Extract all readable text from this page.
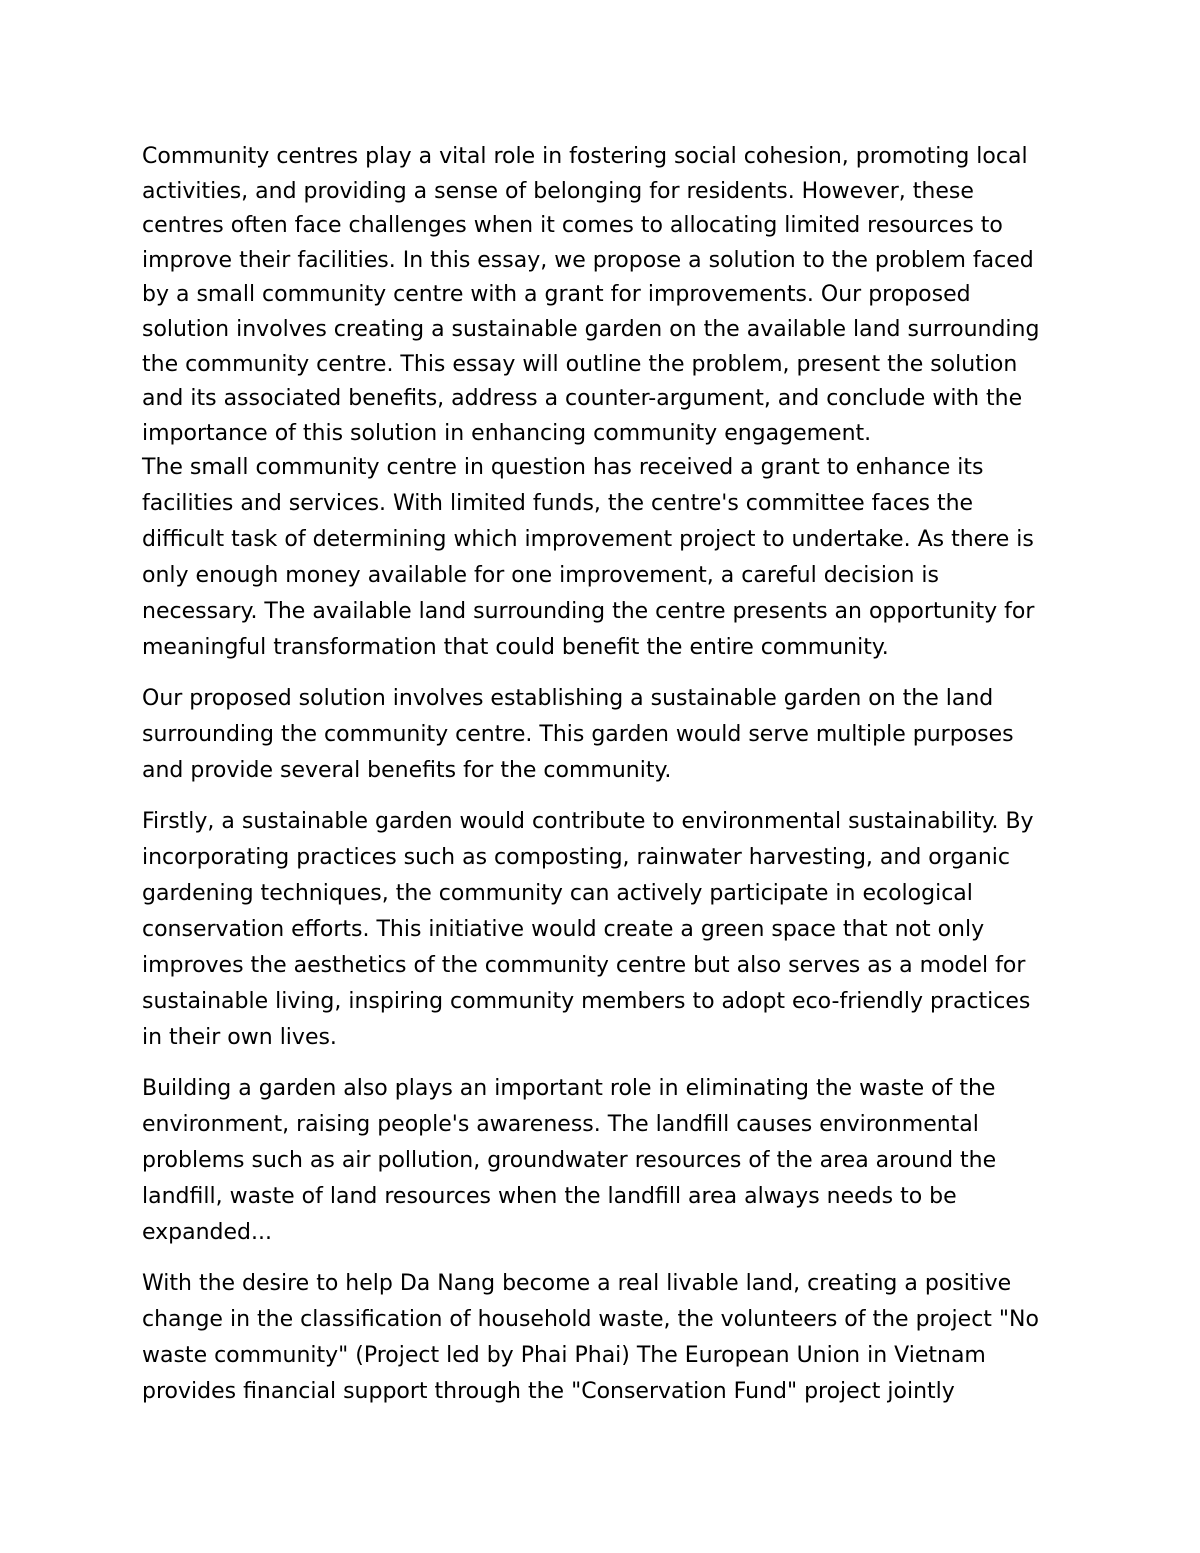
Community centres play a vital role in fostering social cohesion, promoting local
activities, and providing a sense of belonging for residents. However, these
centres often face challenges when it comes to allocating limited resources to
improve their facilities. In this essay, we propose a solution to the problem faced
by a small community centre with a grant for improvements. Our proposed
solution involves creating a sustainable garden on the available land surrounding
the community centre. This essay will outline the problem, present the solution
and its associated benefits, address a counter-argument, and conclude with the
importance of this solution in enhancing community engagement.
The small community centre in question has received a grant to enhance its
facilities and services. With limited funds, the centre's committee faces the
difficult task of determining which improvement project to undertake. As there is
only enough money available for one improvement, a careful decision is
necessary. The available land surrounding the centre presents an opportunity for
meaningful transformation that could benefit the entire community.
Our proposed solution involves establishing a sustainable garden on the land
surrounding the community centre. This garden would serve multiple purposes
and provide several benefits for the community.
Firstly, a sustainable garden would contribute to environmental sustainability. By
incorporating practices such as composting, rainwater harvesting, and organic
gardening techniques, the community can actively participate in ecological
conservation efforts. This initiative would create a green space that not only
improves the aesthetics of the community centre but also serves as a model for
sustainable living, inspiring community members to adopt eco-friendly practices
in their own lives.
Building a garden also plays an important role in eliminating the waste of the
environment, raising people's awareness. The landfill causes environmental
problems such as air pollution, groundwater resources of the area around the
landfill, waste of land resources when the landfill area always needs to be
expanded...
With the desire to help Da Nang become a real livable land, creating a positive
change in the classification of household waste, the volunteers of the project "No
waste community" (Project led by Phai Phai) The European Union in Vietnam
provides financial support through the "Conservation Fund" project jointly
